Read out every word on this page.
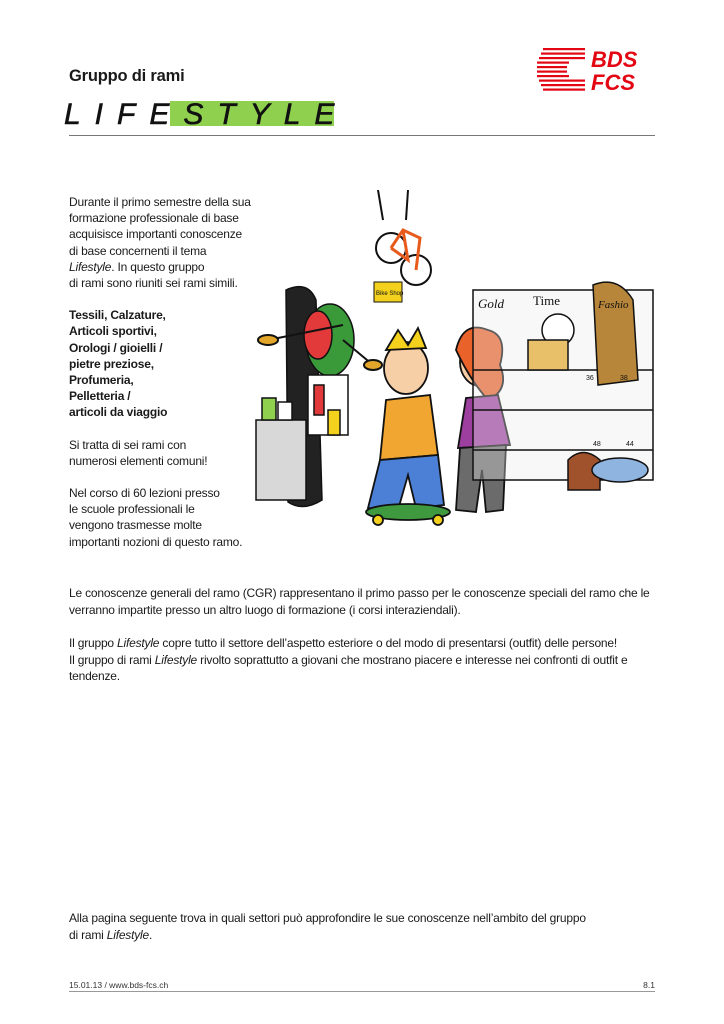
Gruppo di rami
LIFESTYLE
BDS
FCS

Durante il primo semestre della sua
formazione professionale di base
acquisisce importanti conoscenze
di base concernenti il tema
Lifestyle. In questo gruppo
di rami sono riuniti sei rami simili.

Tessili, Calzature,
Articoli sportivi,
Orologi / gioielli /
pietre preziose,
Profumeria,
Pelletteria /
articoli da viaggio

Si tratta di sei rami con
numerosi elementi comuni!

Nel corso di 60 lezioni presso
le scuole professionali le
vengono trasmesse molte
importanti nozioni di questo ramo.

Bike Shop
Gold Time	Fashio
36	38
48	44

Le conoscenze generali del ramo (CGR) rappresentano il primo passo per le conoscenze speciali del ramo che le verranno impartite presso un altro luogo di formazione (i corsi interaziendali).

Il gruppo Lifestyle copre tutto il settore dell’aspetto esteriore o del modo di presentarsi (outfit) delle persone!
Il gruppo di rami Lifestyle rivolto soprattutto a giovani che mostrano piacere e interesse nei confronti di outfit e tendenze.

Alla pagina seguente trova in quali settori può approfondire le sue conoscenze nell’ambito del gruppo
di rami Lifestyle.

15.01.13 / www.bds-fcs.ch	8.1
